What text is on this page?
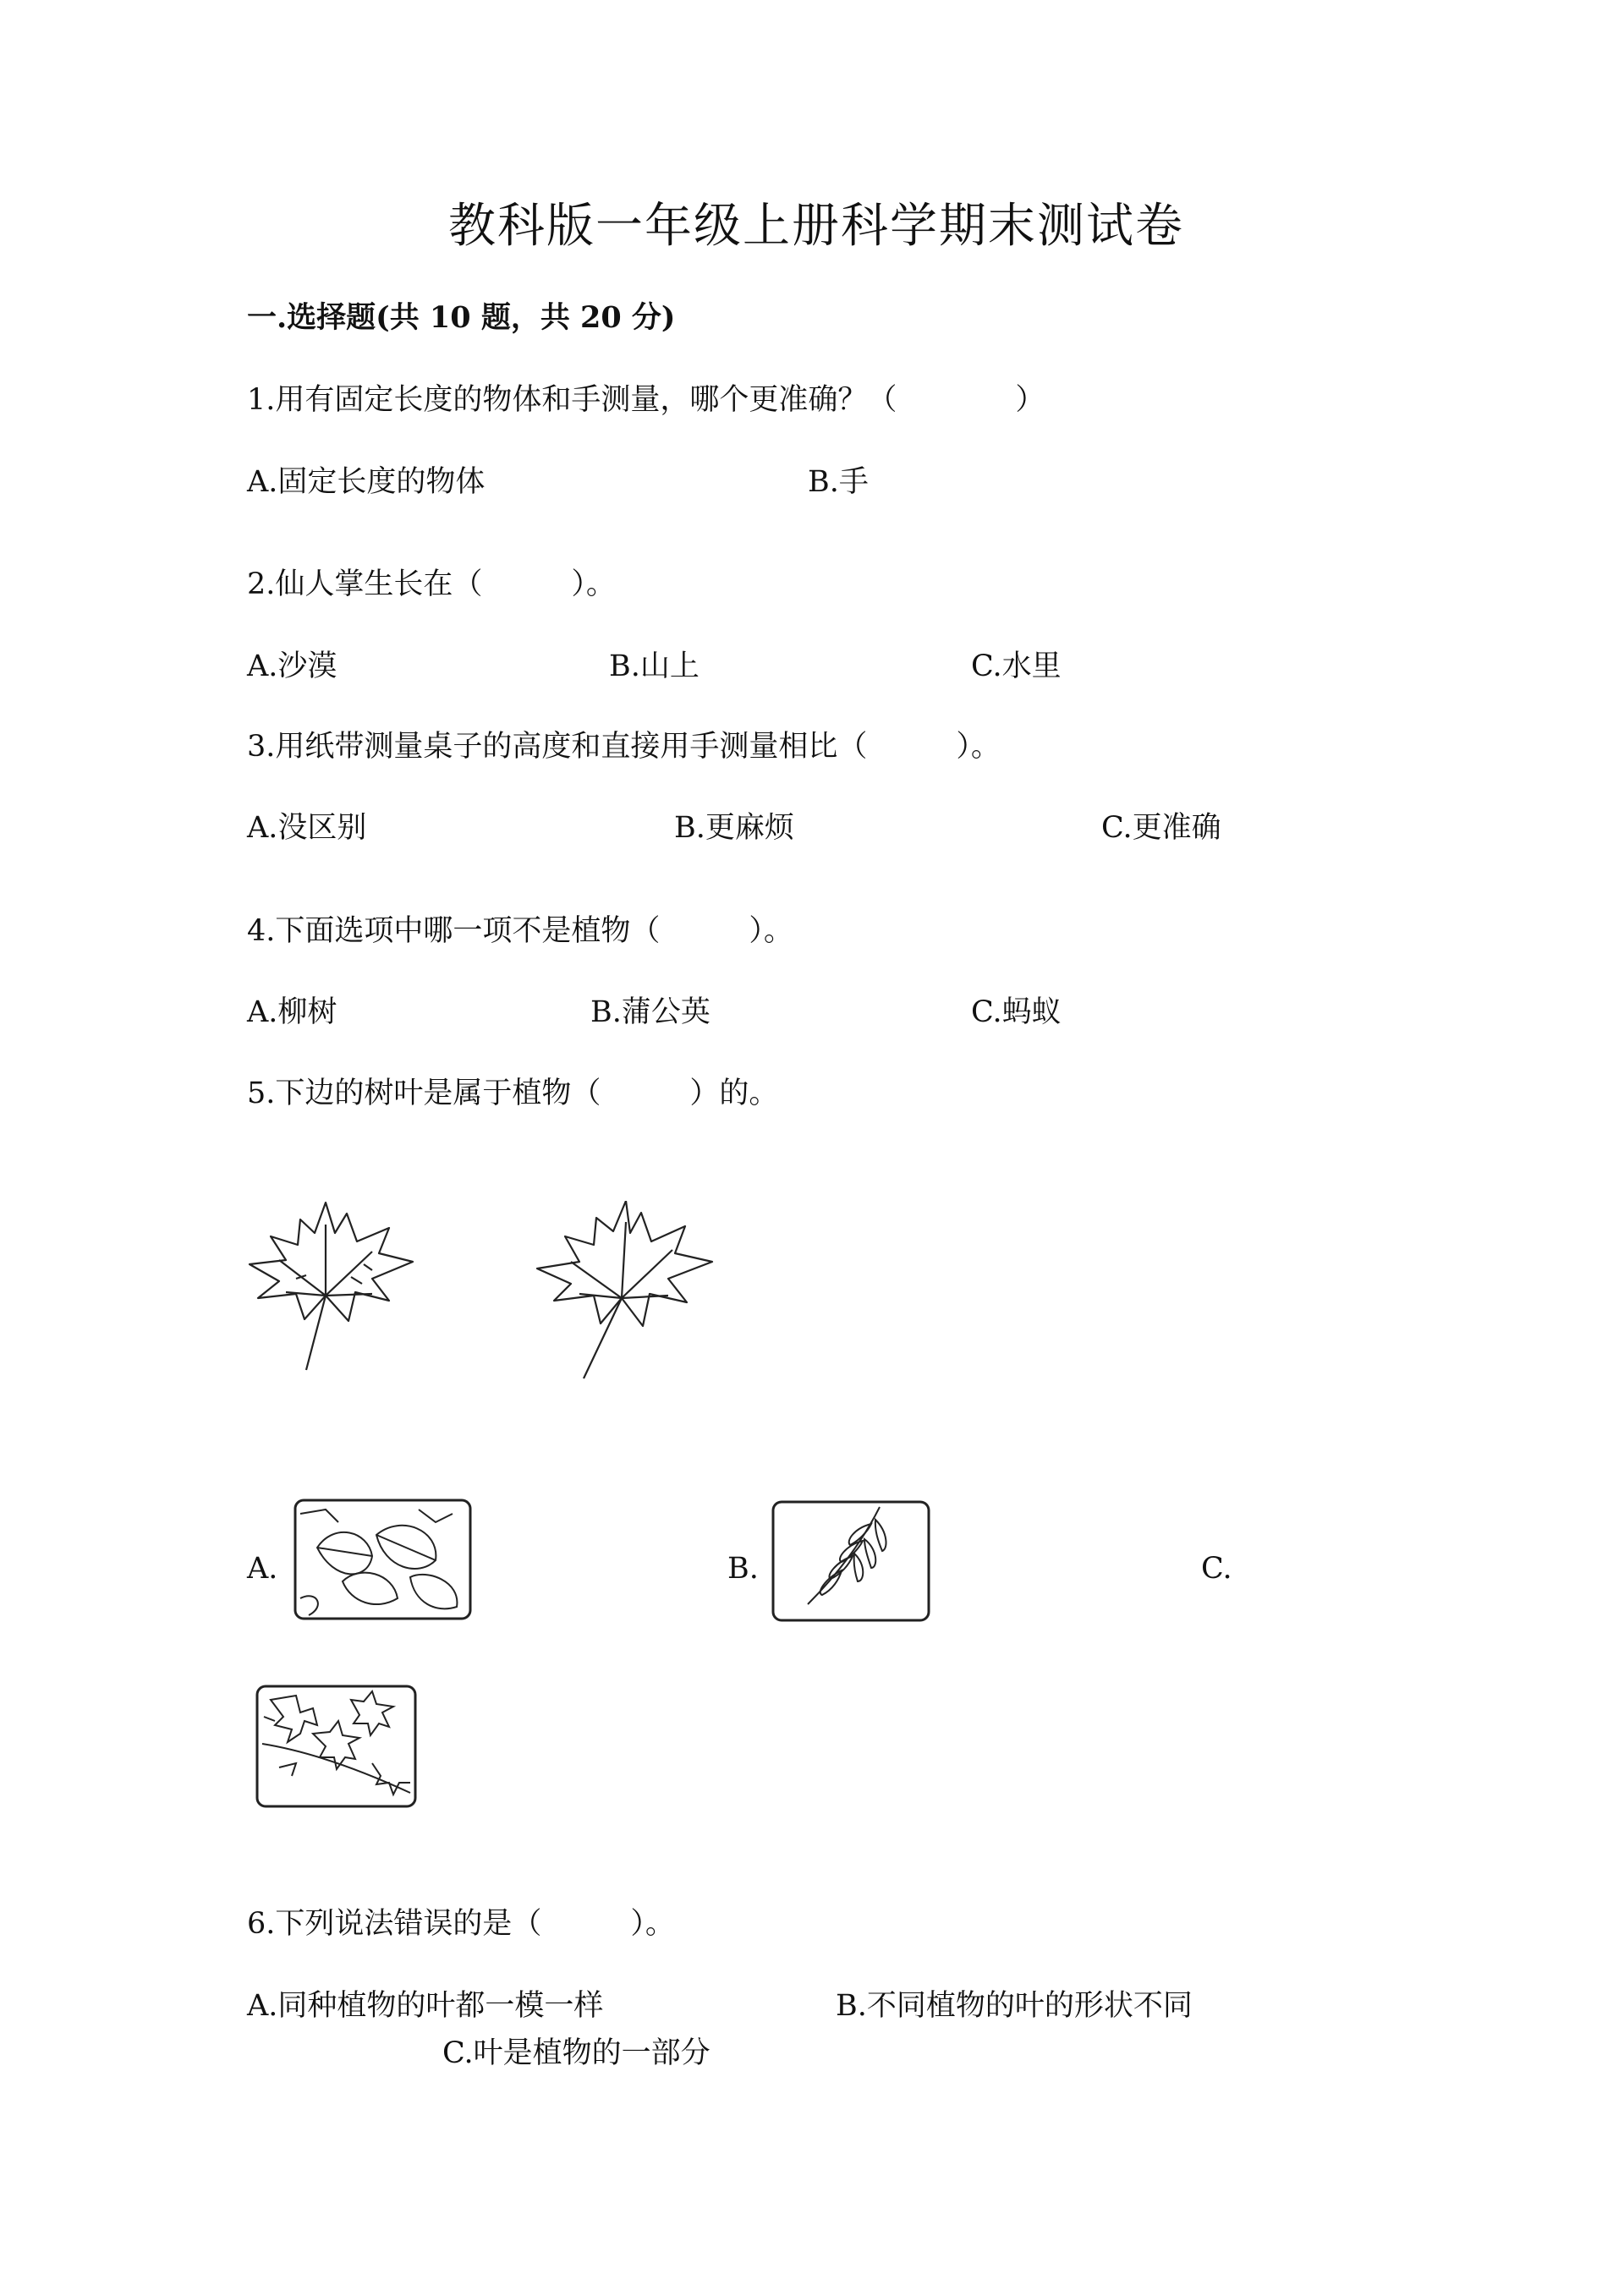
教科版一年级上册科学期末测试卷
一.选择题(共 10 题，共 20 分)
1.用有固定长度的物体和手测量，哪个更准确？（　　　　）
A.固定长度的物体	B.手
2.仙人掌生长在（　　　）。
A.沙漠	B.山上	C.水里
3.用纸带测量桌子的高度和直接用手测量相比（　　　）。
A.没区别	B.更麻烦	C.更准确
4.下面选项中哪一项不是植物（　　　）。
A.柳树	B.蒲公英	C.蚂蚁
5.下边的树叶是属于植物（　　　）的。
A.	B.	C.
6.下列说法错误的是（　　　）。
A.同种植物的叶都一模一样	B.不同植物的叶的形状不同
C.叶是植物的一部分
